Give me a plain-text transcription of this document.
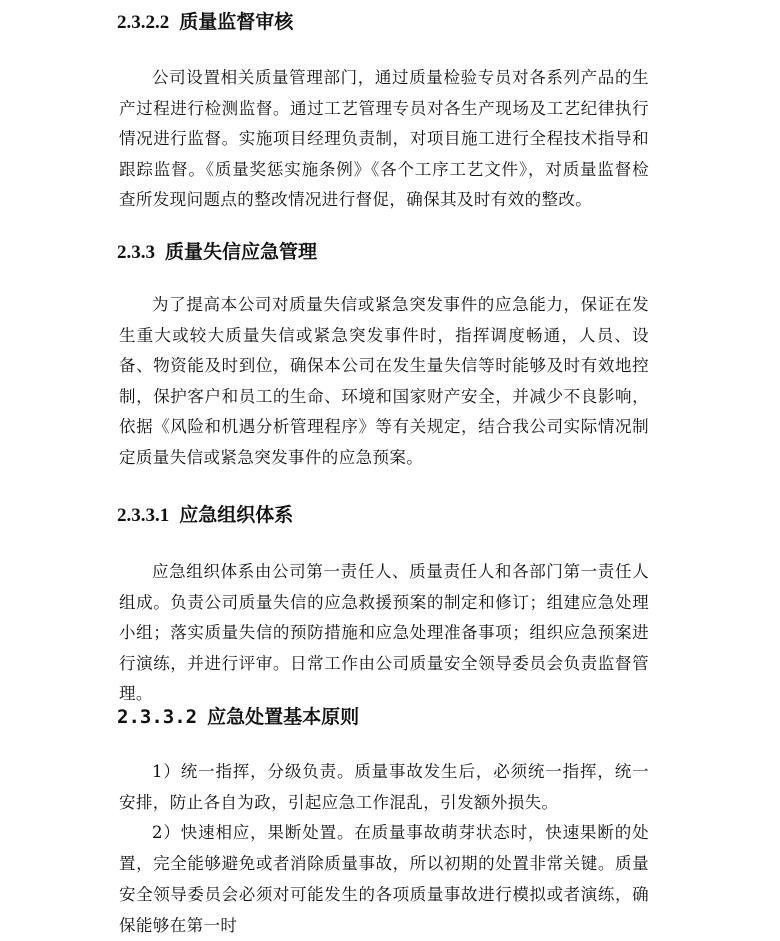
2.3.2.2 质量监督审核

公司设置相关质量管理部门，通过质量检验专员对各系列产品的生产过程进行检测监督。通过工艺管理专员对各生产现场及工艺纪律执行情况进行监督。实施项目经理负责制，对项目施工进行全程技术指导和跟踪监督。《质量奖惩实施条例》《各个工序工艺文件》，对质量监督检查所发现问题点的整改情况进行督促，确保其及时有效的整改。

2.3.3 质量失信应急管理

为了提高本公司对质量失信或紧急突发事件的应急能力，保证在发生重大或较大质量失信或紧急突发事件时，指挥调度畅通，人员、设备、物资能及时到位，确保本公司在发生量失信等时能够及时有效地控制，保护客户和员工的生命、环境和国家财产安全，并减少不良影响，依据《风险和机遇分析管理程序》等有关规定，结合我公司实际情况制定质量失信或紧急突发事件的应急预案。

2.3.3.1 应急组织体系

应急组织体系由公司第一责任人、质量责任人和各部门第一责任人组成。负责公司质量失信的应急救援预案的制定和修订；组建应急处理小组；落实质量失信的预防措施和应急处理准备事项；组织应急预案进行演练，并进行评审。日常工作由公司质量安全领导委员会负责监督管理。

2.3.3.2 应急处置基本原则

1）统一指挥，分级负责。质量事故发生后，必须统一指挥，统一安排，防止各自为政，引起应急工作混乱，引发额外损失。

2）快速相应，果断处置。在质量事故萌芽状态时，快速果断的处置，完全能够避免或者消除质量事故，所以初期的处置非常关键。质量安全领导委员会必须对可能发生的各项质量事故进行模拟或者演练，确保能够在第一时
